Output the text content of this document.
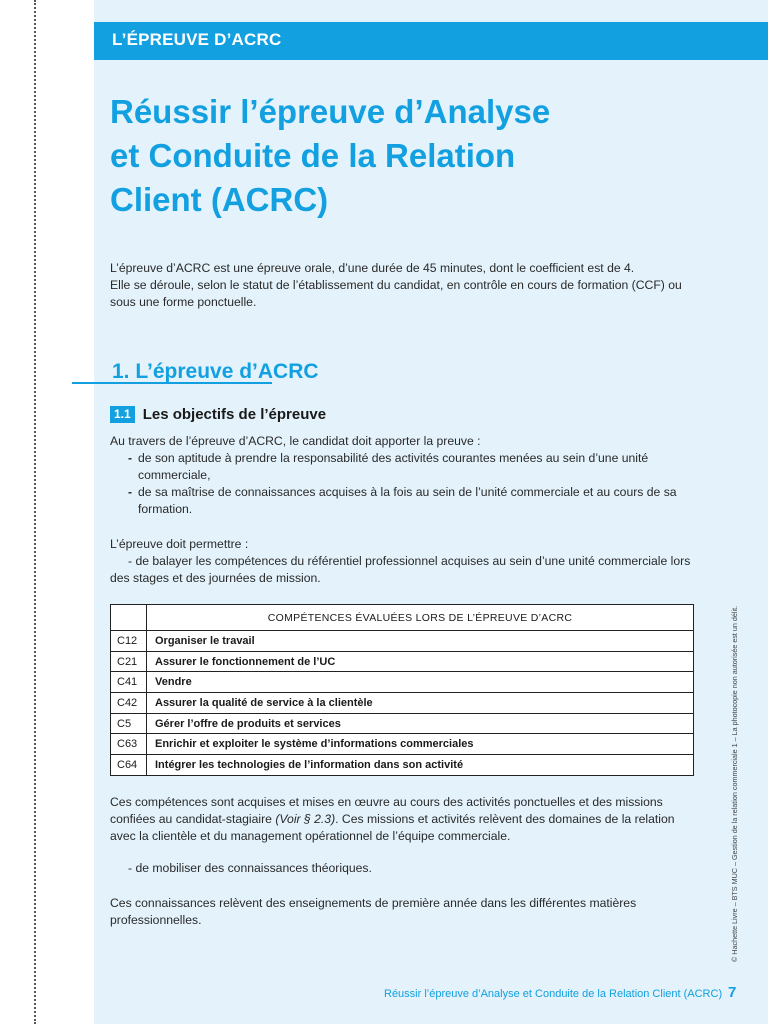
L’ÉPREUVE D’ACRC
Réussir l’épreuve d’Analyse
et Conduite de la Relation
Client (ACRC)
L’épreuve d’ACRC est une épreuve orale, d’une durée de 45 minutes, dont le coefficient est de 4.
Elle se déroule, selon le statut de l’établissement du candidat, en contrôle en cours de formation (CCF) ou sous une forme ponctuelle.
1. L’épreuve d’ACRC
1.1 Les objectifs de l’épreuve
Au travers de l’épreuve d’ACRC, le candidat doit apporter la preuve :
- de son aptitude à prendre la responsabilité des activités courantes menées au sein d’une unité commerciale,
- de sa maîtrise de connaissances acquises à la fois au sein de l’unité commerciale et au cours de sa formation.
L’épreuve doit permettre :
- de balayer les compétences du référentiel professionnel acquises au sein d’une unité commerciale lors des stages et des journées de mission.
	COMPÉTENCES ÉVALUÉES LORS DE L’ÉPREUVE D’ACRC
C12	Organiser le travail
C21	Assurer le fonctionnement de l’UC
C41	Vendre
C42	Assurer la qualité de service à la clientèle
C5	Gérer l’offre de produits et services
C63	Enrichir et exploiter le système d’informations commerciales
C64	Intégrer les technologies de l’information dans son activité
Ces compétences sont acquises et mises en œuvre au cours des activités ponctuelles et des missions confiées au candidat-stagiaire (Voir § 2.3). Ces missions et activités relèvent des domaines de la relation avec la clientèle et du management opérationnel de l’équipe commerciale.
- de mobiliser des connaissances théoriques.
Ces connaissances relèvent des enseignements de première année dans les différentes matières professionnelles.	© Hachette Livre – BTS MUC – Gestion de la relation commerciale 1 – La photocopie non autorisée est un délit.
Réussir l’épreuve d’Analyse et Conduite de la Relation Client (ACRC) 7
